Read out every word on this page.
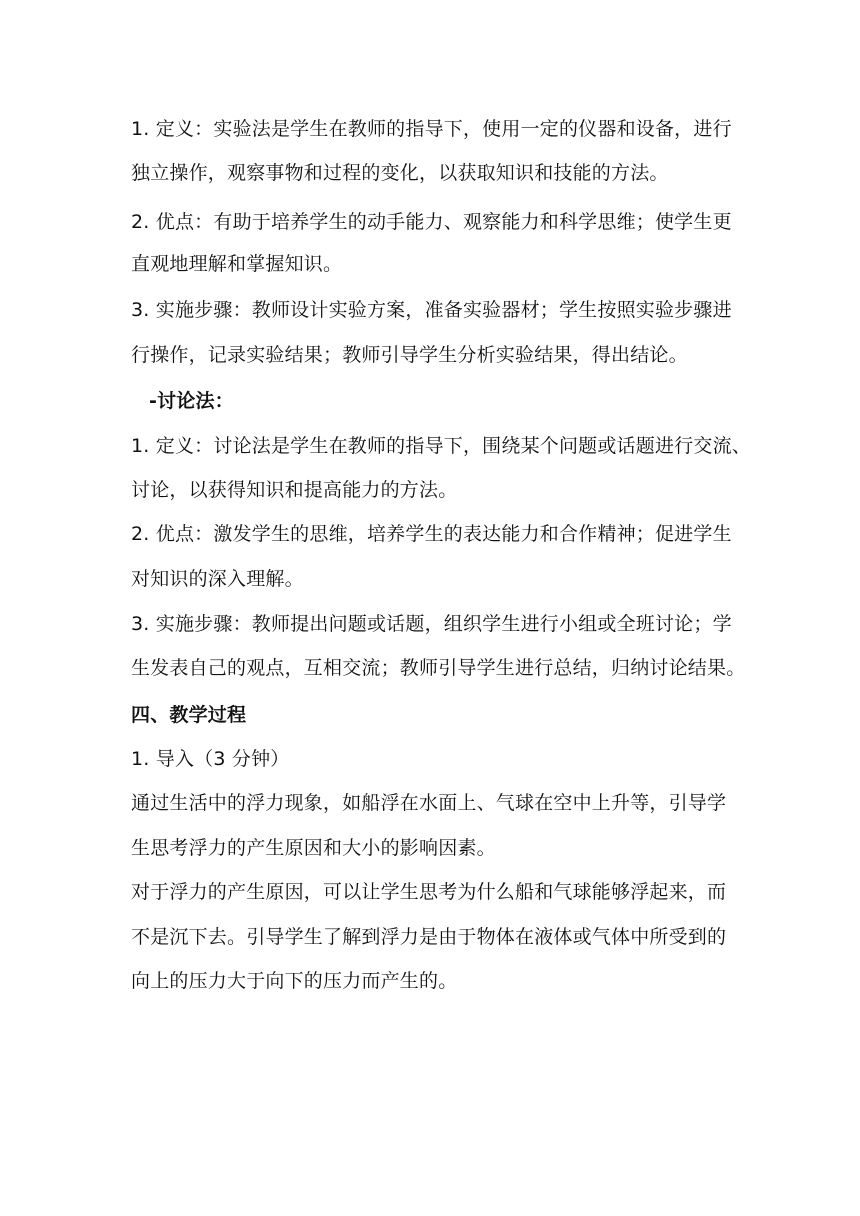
1. 定义：实验法是学生在教师的指导下，使用一定的仪器和设备，进行
独立操作，观察事物和过程的变化，以获取知识和技能的方法。
2. 优点：有助于培养学生的动手能力、观察能力和科学思维；使学生更
直观地理解和掌握知识。
3. 实施步骤：教师设计实验方案，准备实验器材；学生按照实验步骤进
行操作，记录实验结果；教师引导学生分析实验结果，得出结论。
-讨论法：
1. 定义：讨论法是学生在教师的指导下，围绕某个问题或话题进行交流、
讨论，以获得知识和提高能力的方法。
2. 优点：激发学生的思维，培养学生的表达能力和合作精神；促进学生
对知识的深入理解。
3. 实施步骤：教师提出问题或话题，组织学生进行小组或全班讨论；学
生发表自己的观点，互相交流；教师引导学生进行总结，归纳讨论结果。
四、教学过程
1. 导入（3 分钟）
通过生活中的浮力现象，如船浮在水面上、气球在空中上升等，引导学
生思考浮力的产生原因和大小的影响因素。
对于浮力的产生原因，可以让学生思考为什么船和气球能够浮起来，而
不是沉下去。引导学生了解到浮力是由于物体在液体或气体中所受到的
向上的压力大于向下的压力而产生的。
